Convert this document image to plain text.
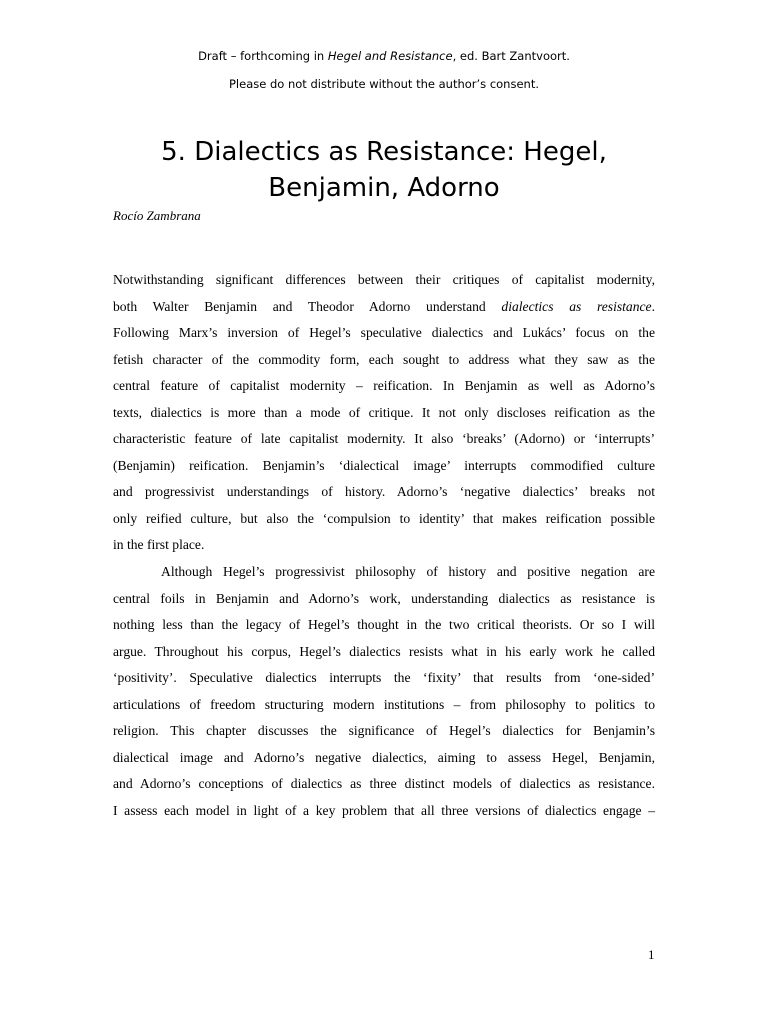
Draft – forthcoming in Hegel and Resistance, ed. Bart Zantvoort.
Please do not distribute without the author’s consent.
5. Dialectics as Resistance: Hegel,
Benjamin, Adorno
Rocío Zambrana

Notwithstanding significant differences between their critiques of capitalist modernity,
both Walter Benjamin and Theodor Adorno understand dialectics as resistance.
Following Marx’s inversion of Hegel’s speculative dialectics and Lukács’ focus on the
fetish character of the commodity form, each sought to address what they saw as the
central feature of capitalist modernity – reification. In Benjamin as well as Adorno’s
texts, dialectics is more than a mode of critique. It not only discloses reification as the
characteristic feature of late capitalist modernity. It also ‘breaks’ (Adorno) or ‘interrupts’
(Benjamin) reification. Benjamin’s ‘dialectical image’ interrupts commodified culture
and progressivist understandings of history. Adorno’s ‘negative dialectics’ breaks not
only reified culture, but also the ‘compulsion to identity’ that makes reification possible
in the first place.

Although Hegel’s progressivist philosophy of history and positive negation are
central foils in Benjamin and Adorno’s work, understanding dialectics as resistance is
nothing less than the legacy of Hegel’s thought in the two critical theorists. Or so I will
argue. Throughout his corpus, Hegel’s dialectics resists what in his early work he called
‘positivity’. Speculative dialectics interrupts the ‘fixity’ that results from ‘one-sided’
articulations of freedom structuring modern institutions – from philosophy to politics to
religion. This chapter discusses the significance of Hegel’s dialectics for Benjamin’s
dialectical image and Adorno’s negative dialectics, aiming to assess Hegel, Benjamin,
and Adorno’s conceptions of dialectics as three distinct models of dialectics as resistance.
I assess each model in light of a key problem that all three versions of dialectics engage –

1
